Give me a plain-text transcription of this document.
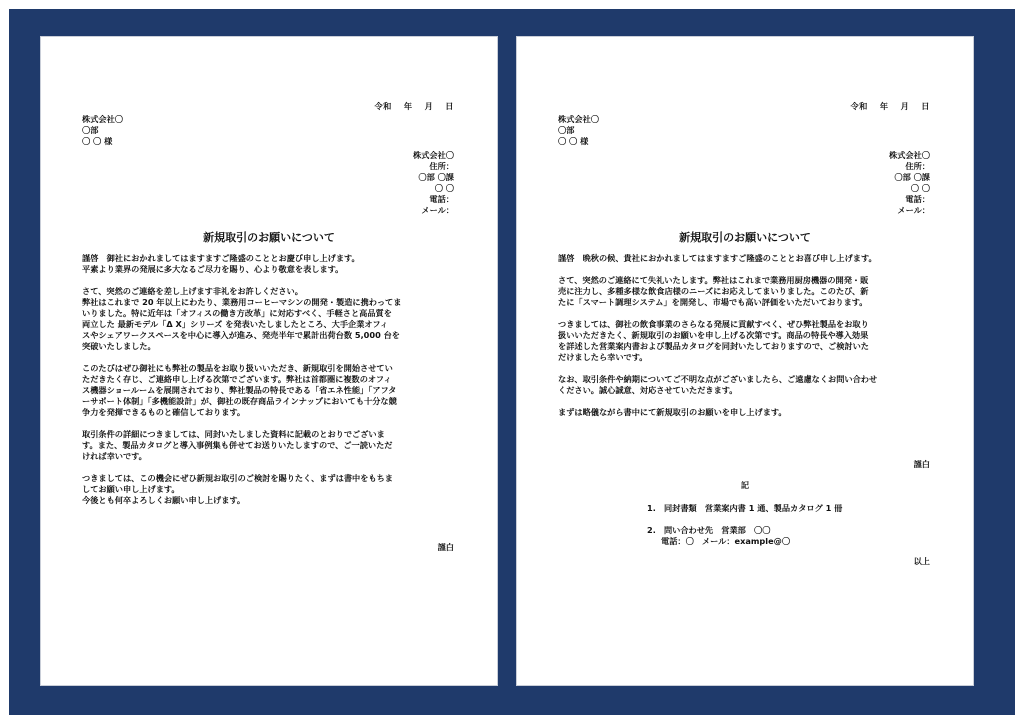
令和　 年　 月　 日
株式会社〇
〇部
〇 〇 様
株式会社〇
住所：
〇部 〇課
〇 〇
電話：
メール：
新規取引のお願いについて

謹啓　御社におかれましてはますますご隆盛のこととお慶び申し上げます。
平素より業界の発展に多大なるご尽力を賜り、心より敬意を表します。

さて、突然のご連絡を差し上げます非礼をお許しください。
弊社はこれまで 20 年以上にわたり、業務用コーヒーマシンの開発・製造に携わってま
いりました。特に近年は「オフィスの働き方改革」に対応すべく、手軽さと高品質を
両立した 最新モデル「Δ X」シリーズ を発表いたしましたところ、大手企業オフィ
スやシェアワークスペースを中心に導入が進み、発売半年で累計出荷台数 5,000 台を
突破いたしました。

このたびはぜひ御社にも弊社の製品をお取り扱いいただき、新規取引を開始させてい
ただきたく存じ、ご連絡申し上げる次第でございます。弊社は首都圏に複数のオフィ
ス機器ショールームを展開されており、弊社製品の特長である「省エネ性能」「アフタ
ーサポート体制」「多機能設計」が、御社の既存商品ラインナップにおいても十分な競
争力を発揮できるものと確信しております。

取引条件の詳細につきましては、同封いたしました資料に記載のとおりでございま
す。また、製品カタログと導入事例集も併せてお送りいたしますので、ご一読いただ
ければ幸いです。

つきましては、この機会にぜひ新規お取引のご検討を賜りたく、まずは書中をもちま
してお願い申し上げます。
今後とも何卒よろしくお願い申し上げます。

謹白
令和　 年　 月　 日
株式会社〇
〇部
〇 〇 様
株式会社〇
住所：
〇部 〇課
〇 〇
電話：
メール：
新規取引のお願いについて

謹啓　晩秋の候、貴社におかれましてはますますご隆盛のこととお喜び申し上げます。

さて、突然のご連絡にて失礼いたします。弊社はこれまで業務用厨房機器の開発・販
売に注力し、多種多様な飲食店様のニーズにお応えしてまいりました。このたび、新
たに「スマート調理システム」を開発し、市場でも高い評価をいただいております。

つきましては、御社の飲食事業のさらなる発展に貢献すべく、ぜひ弊社製品をお取り
扱いいただきたく、新規取引のお願いを申し上げる次第です。商品の特長や導入効果
を詳述した営業案内書および製品カタログを同封いたしておりますので、ご検討いた
だけましたら幸いです。

なお、取引条件や納期についてご不明な点がございましたら、ご遠慮なくお問い合わせ
ください。誠心誠意、対応させていただきます。

まずは略儀ながら書中にて新規取引のお願いを申し上げます。

謹白
記
1.　同封書類　営業案内書 1 通、製品カタログ 1 冊
2.　問い合わせ先　営業部　〇〇
電話：〇　メール：example@〇
以上
